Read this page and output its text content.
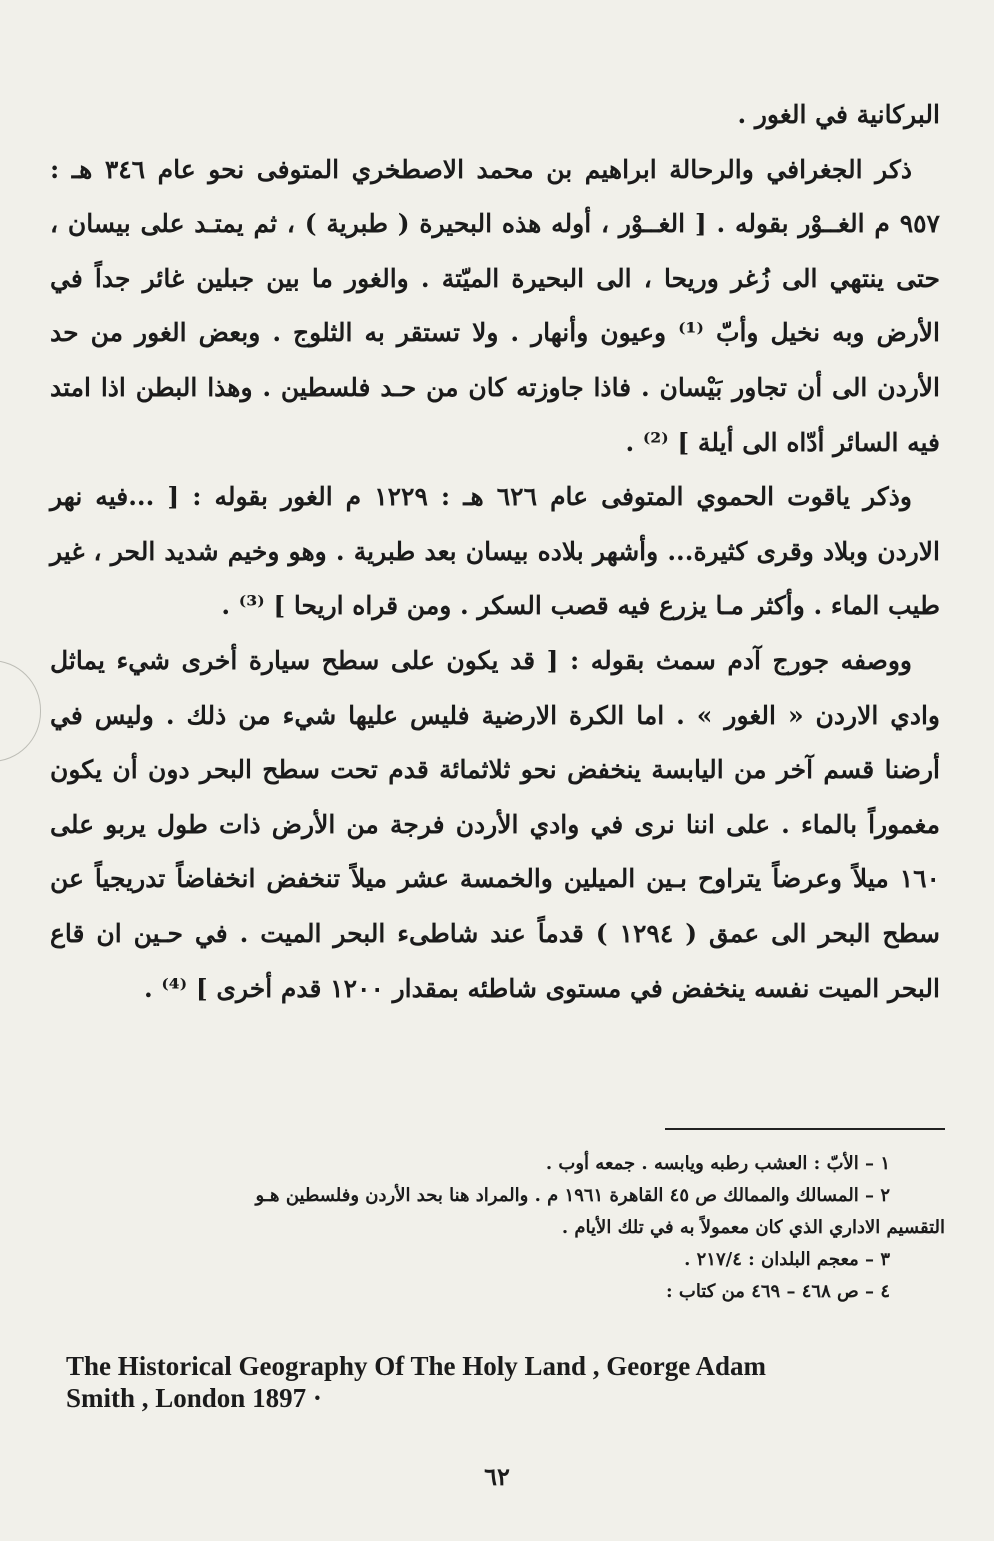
البركانية في الغور .

ذكر الجغرافي والرحالة ابراهيم بن محمد الاصطخري المتوفى نحو عام ٣٤٦ هـ : ٩٥٧ م الغــوْر بقوله . [ الغــوْر ، أوله هذه البحيرة ( طبرية ) ، ثم يمتـد على بيسان ، حتى ينتهي الى زُغر وريحا ، الى البحيرة الميّتة . والغور ما بين جبلين غائر جداً في الأرض وبه نخيل وأبّ ⁽¹⁾ وعيون وأنهار . ولا تستقر به الثلوج . وبعض الغور من حد الأردن الى أن تجاور بَيْسان . فاذا جاوزته كان من حـد فلسطين . وهذا البطن اذا امتد فيه السائر أدّاه الى أيلة ] ⁽²⁾ .

وذكر ياقوت الحموي المتوفى عام ٦٢٦ هـ : ١٢٢٩ م الغور بقوله : [ ...فيه نهر الاردن وبلاد وقرى كثيرة... وأشهر بلاده بيسان بعد طبرية . وهو وخيم شديد الحر ، غير طيب الماء . وأكثر مـا يزرع فيه قصب السكر . ومن قراه اريحا ] ⁽³⁾ .

ووصفه جورج آدم سمث بقوله : [ قد يكون على سطح سيارة أخرى شيء يماثل وادي الاردن « الغور » . اما الكرة الارضية فليس عليها شيء من ذلك . وليس في أرضنا قسم آخر من اليابسة ينخفض نحو ثلاثمائة قدم تحت سطح البحر دون أن يكون مغموراً بالماء . على اننا نرى في وادي الأردن فرجة من الأرض ذات طول يربو على ١٦٠ ميلاً وعرضاً يتراوح بـين الميلين والخمسة عشر ميلاً تنخفض انخفاضاً تدريجياً عن سطح البحر الى عمق ( ١٢٩٤ ) قدماً عند شاطىء البحر الميت . في حـين ان قاع البحر الميت نفسه ينخفض في مستوى شاطئه بمقدار ١٢٠٠ قدم أخرى ] ⁽⁴⁾ .

١ – الأبّ : العشب رطبه ويابسه . جمعه أوب .

٢ – المسالك والممالك ص ٤٥ القاهرة ١٩٦١ م . والمراد هنا بحد الأردن وفلسطين هـو

التقسيم الاداري الذي كان معمولاً به في تلك الأيام .

٣ – معجم البلدان : ٢١٧/٤ .

٤ – ص ٤٦٨ – ٤٦٩ من كتاب :

The Historical Geography Of The Holy Land , George Adam
Smith , London 1897 ·
٦٢
